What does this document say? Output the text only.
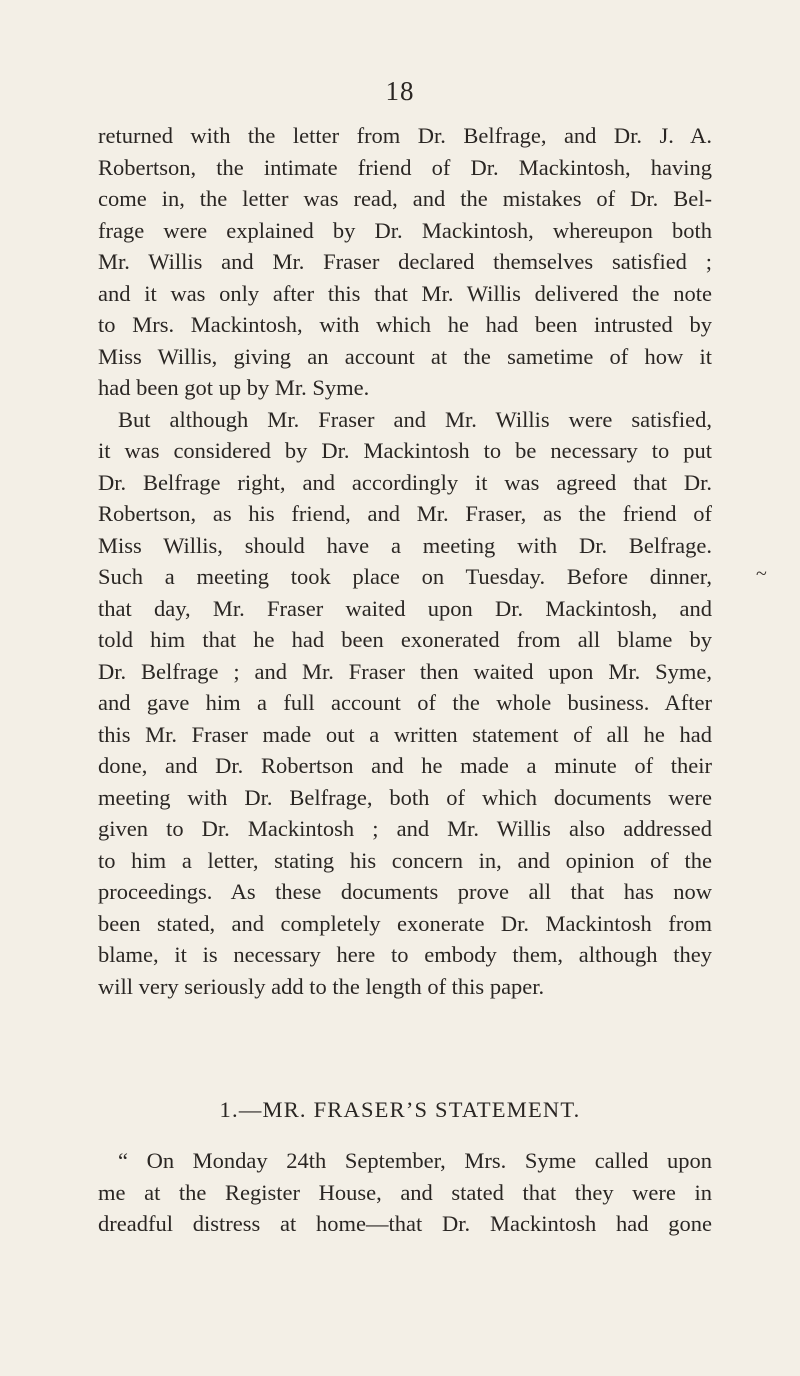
18
~
returned with the letter from Dr. Belfrage, and Dr. J. A.
Robertson, the intimate friend of Dr. Mackintosh, having
come in, the letter was read, and the mistakes of Dr. Bel-
frage were explained by Dr. Mackintosh, whereupon both
Mr. Willis and Mr. Fraser declared themselves satisfied ;
and it was only after this that Mr. Willis delivered the note
to Mrs. Mackintosh, with which he had been intrusted by
Miss Willis, giving an account at the sametime of how it
had been got up by Mr. Syme.
But although Mr. Fraser and Mr. Willis were satisfied,
it was considered by Dr. Mackintosh to be necessary to put
Dr. Belfrage right, and accordingly it was agreed that Dr.
Robertson, as his friend, and Mr. Fraser, as the friend of
Miss Willis, should have a meeting with Dr. Belfrage.
Such a meeting took place on Tuesday. Before dinner,
that day, Mr. Fraser waited upon Dr. Mackintosh, and
told him that he had been exonerated from all blame by
Dr. Belfrage ; and Mr. Fraser then waited upon Mr. Syme,
and gave him a full account of the whole business. After
this Mr. Fraser made out a written statement of all he had
done, and Dr. Robertson and he made a minute of their
meeting with Dr. Belfrage, both of which documents were
given to Dr. Mackintosh ; and Mr. Willis also addressed
to him a letter, stating his concern in, and opinion of the
proceedings. As these documents prove all that has now
been stated, and completely exonerate Dr. Mackintosh from
blame, it is necessary here to embody them, although they
will very seriously add to the length of this paper.
1.—MR. FRASER’S STATEMENT.
“ On Monday 24th September, Mrs. Syme called upon
me at the Register House, and stated that they were in
dreadful distress at home—that Dr. Mackintosh had gone
